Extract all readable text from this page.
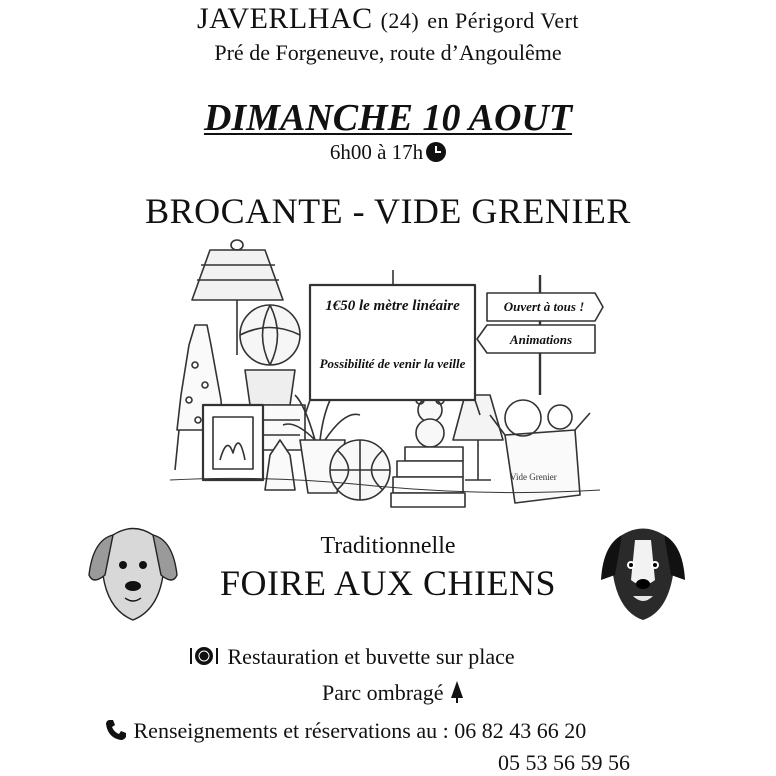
JAVERLHAC (24) en Périgord Vert
Pré de Forgeneuve, route d’Angoulême
DIMANCHE 10 AOUT
6h00 à 17h
BROCANTE - VIDE GRENIER
Vide Grenier
1€50 le mètre linéaire
Possibilité de venir la veille
Ouvert à tous !
Animations
Traditionnelle
FOIRE AUX CHIENS
Restauration et buvette sur place
Parc ombragé
Renseignements et réservations au : 06 82 43 66 20
05 53 56 59 56
